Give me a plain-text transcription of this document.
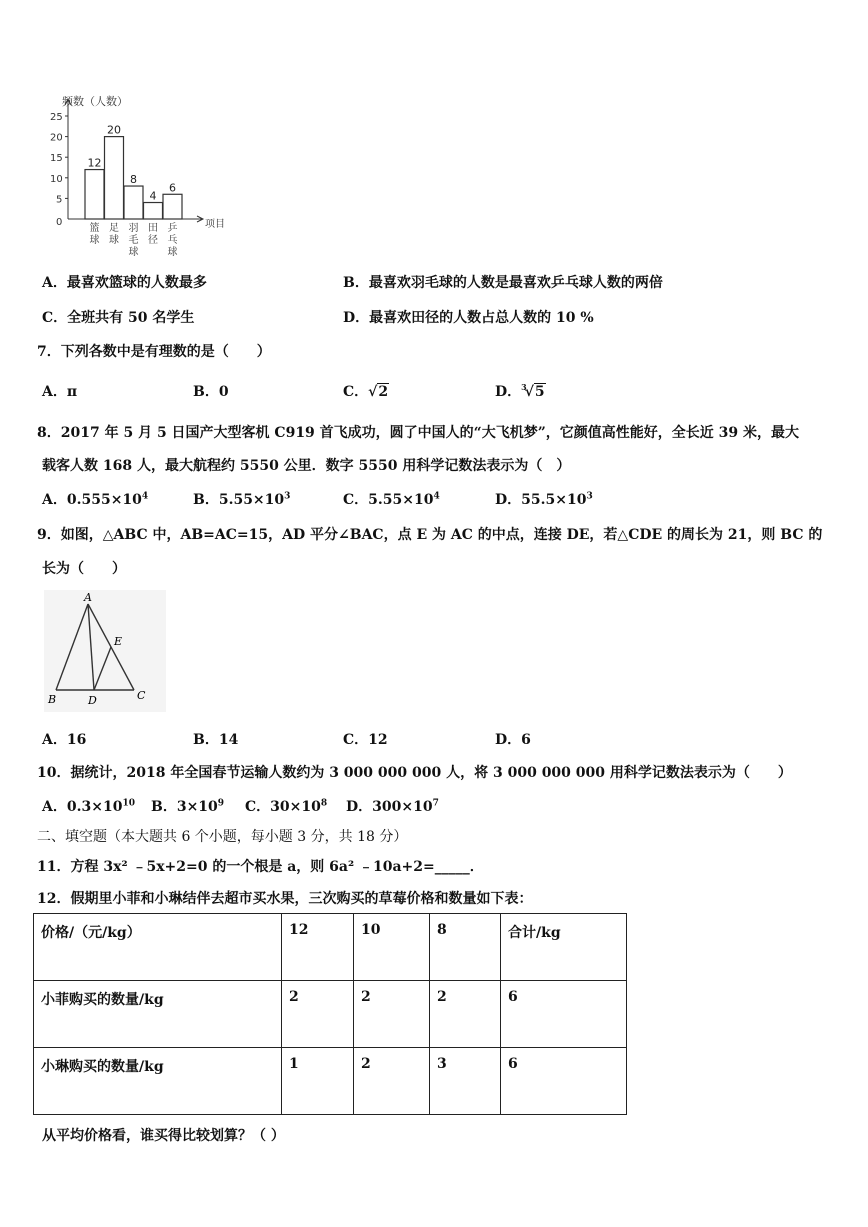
频数（人数）
项目
0
5
10
15
20
25
12
篮
球
20
足
球
8
羽
毛
球
4
田
径
6
乒
乓
球
A．最喜欢篮球的人数最多	B．最喜欢羽毛球的人数是最喜欢乒乓球人数的两倍
C．全班共有 50 名学生	D．最喜欢田径的人数占总人数的 10 %
7．下列各数中是有理数的是（　　）
A．π	B．0	C．√2	D．$^3$√5
8．2017 年 5 月 5 日国产大型客机 C919 首飞成功，圆了中国人的“大飞机梦”，它颜值高性能好，全长近 39 米，最大
载客人数 168 人，最大航程约 5550 公里．数字 5550 用科学记数法表示为（　）
A．$0.555\times 10^4$	B．$5.55\times 10^3$	C．$5.55\times 10^4$	D．$55.5\times 10^3$
9．如图，△ABC 中，AB=AC=15，AD 平分∠BAC，点 E 为 AC 的中点，连接 DE，若△CDE 的周长为 21，则 BC 的
长为（　　）
A
B	C
D
E
A．16	B．14	C．12	D．6
10．据统计，2018 年全国春节运输人数约为 3 000 000 000 人，将 3 000 000 000 用科学记数法表示为（　　）
A．$0.3\times 10^{10}$ B．$3\times 10^9$ C．$30\times 10^8$ D．$300\times 10^7$
二、填空题（本大题共 6 个小题，每小题 3 分，共 18 分）
11．方程 3x² ﹣5x+2=0 的一个根是 a，则 6a² ﹣10a+2=_____．
12．假期里小菲和小琳结伴去超市买水果，三次购买的草莓价格和数量如下表：
价格/（元/kg）	12	10	8	合计/kg
小菲购买的数量/kg	2	2	2	6
小琳购买的数量/kg	1	2	3	6
从平均价格看，谁买得比较划算？（ ）
